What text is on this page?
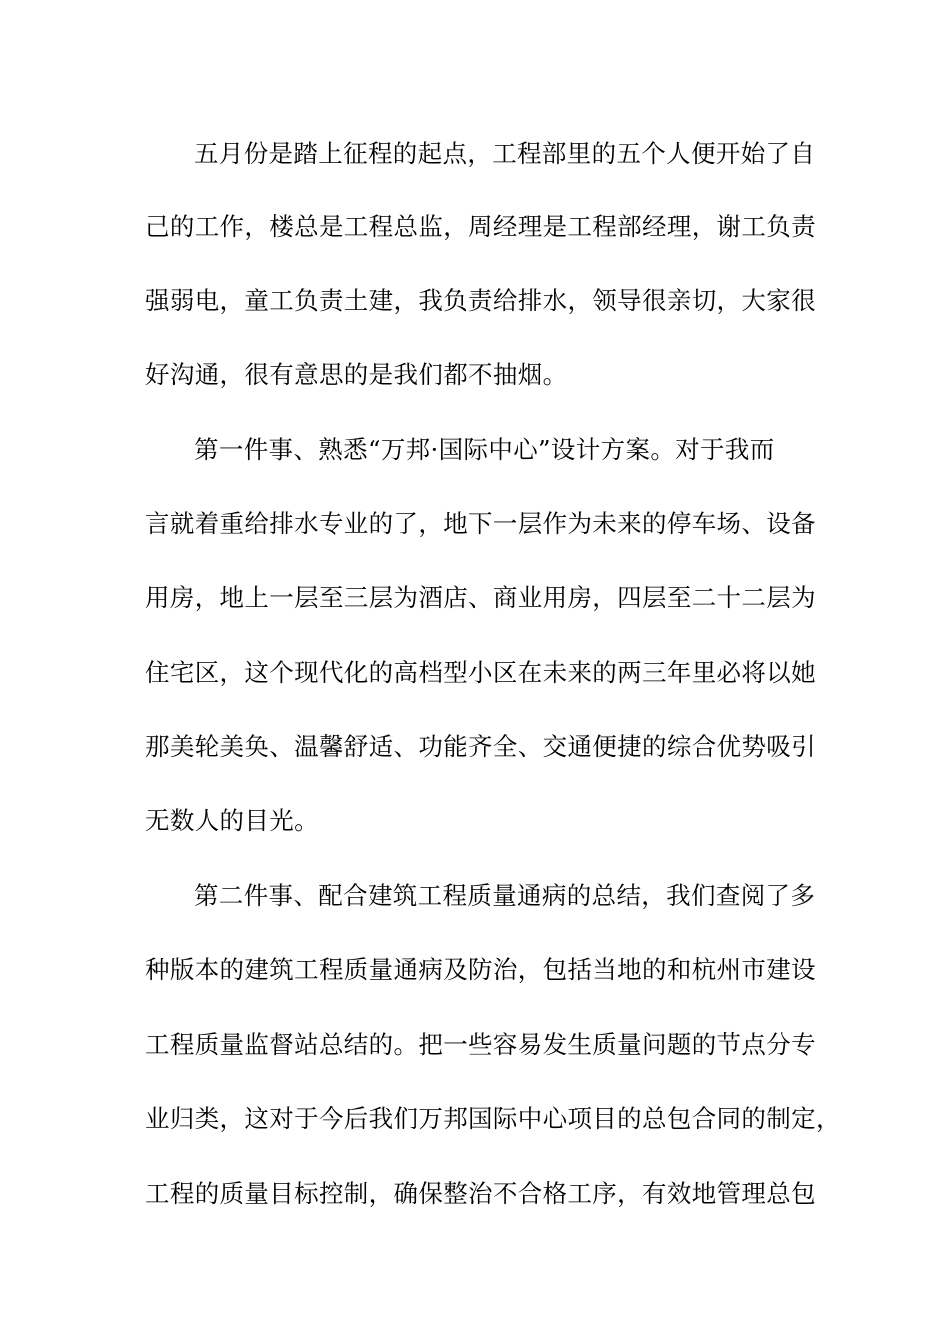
五月份是踏上征程的起点，工程部里的五个人便开始了自
己的工作，楼总是工程总监，周经理是工程部经理，谢工负责
强弱电，童工负责土建，我负责给排水，领导很亲切，大家很
好沟通，很有意思的是我们都不抽烟。
第一件事、熟悉“万邦·国际中心”设计方案。对于我而
言就着重给排水专业的了，地下一层作为未来的停车场、设备
用房，地上一层至三层为酒店、商业用房，四层至二十二层为
住宅区，这个现代化的高档型小区在未来的两三年里必将以她
那美轮美奂、温馨舒适、功能齐全、交通便捷的综合优势吸引
无数人的目光。
第二件事、配合建筑工程质量通病的总结，我们查阅了多
种版本的建筑工程质量通病及防治，包括当地的和杭州市建设
工程质量监督站总结的。把一些容易发生质量问题的节点分专
业归类，这对于今后我们万邦国际中心项目的总包合同的制定，
工程的质量目标控制，确保整治不合格工序，有效地管理总包
